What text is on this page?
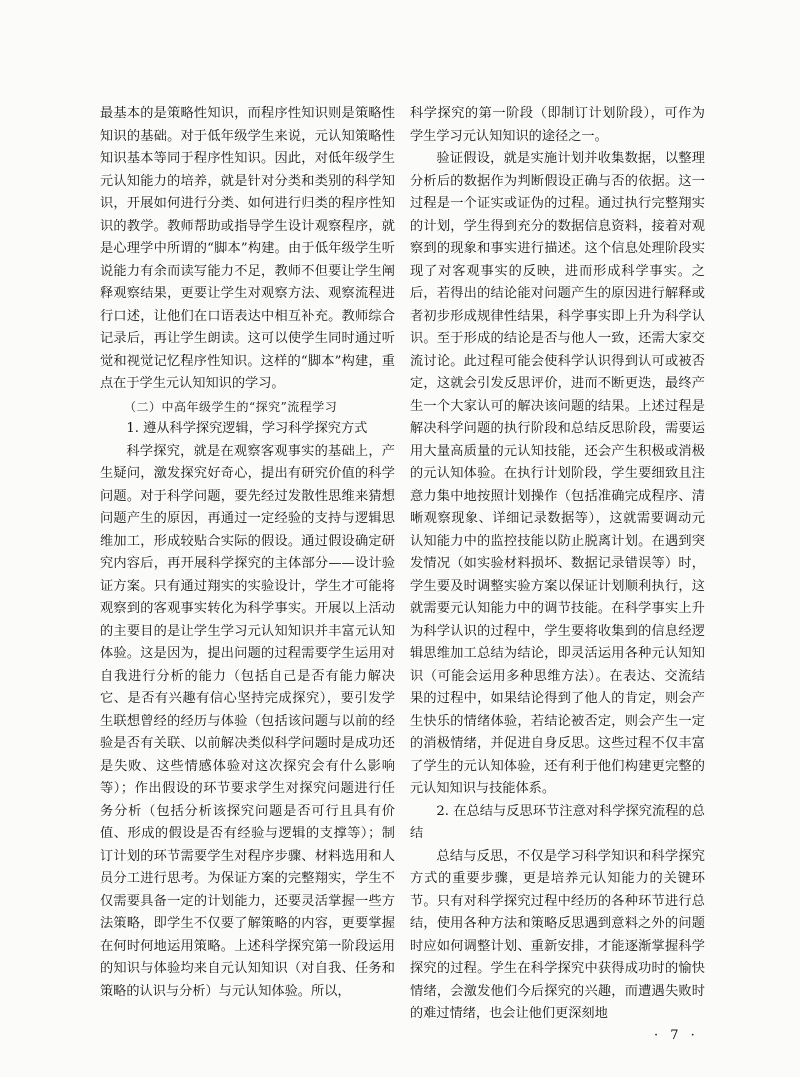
最基本的是策略性知识，而程序性知识则是策略性知识的基础。对于低年级学生来说，元认知策略性知识基本等同于程序性知识。因此，对低年级学生元认知能力的培养，就是针对分类和类别的科学知识，开展如何进行分类、如何进行归类的程序性知识的教学。教师帮助或指导学生设计观察程序，就是心理学中所谓的“脚本”构建。由于低年级学生听说能力有余而读写能力不足，教师不但要让学生阐释观察结果，更要让学生对观察方法、观察流程进行口述，让他们在口语表达中相互补充。教师综合记录后，再让学生朗读。这可以使学生同时通过听觉和视觉记忆程序性知识。这样的“脚本”构建，重点在于学生元认知知识的学习。

（二）中高年级学生的“探究”流程学习

1. 遵从科学探究逻辑，学习科学探究方式

科学探究，就是在观察客观事实的基础上，产生疑问，激发探究好奇心，提出有研究价值的科学问题。对于科学问题，要先经过发散性思维来猜想问题产生的原因，再通过一定经验的支持与逻辑思维加工，形成较贴合实际的假设。通过假设确定研究内容后，再开展科学探究的主体部分——设计验证方案。只有通过翔实的实验设计，学生才可能将观察到的客观事实转化为科学事实。开展以上活动的主要目的是让学生学习元认知知识并丰富元认知体验。这是因为，提出问题的过程需要学生运用对自我进行分析的能力（包括自己是否有能力解决它、是否有兴趣有信心坚持完成探究），要引发学生联想曾经的经历与体验（包括该问题与以前的经验是否有关联、以前解决类似科学问题时是成功还是失败、这些情感体验对这次探究会有什么影响等）；作出假设的环节要求学生对探究问题进行任务分析（包括分析该探究问题是否可行且具有价值、形成的假设是否有经验与逻辑的支撑等）；制订计划的环节需要学生对程序步骤、材料选用和人员分工进行思考。为保证方案的完整翔实，学生不仅需要具备一定的计划能力，还要灵活掌握一些方法策略，即学生不仅要了解策略的内容，更要掌握在何时何地运用策略。上述科学探究第一阶段运用的知识与体验均来自元认知知识（对自我、任务和策略的认识与分析）与元认知体验。所以，

科学探究的第一阶段（即制订计划阶段），可作为学生学习元认知知识的途径之一。

验证假设，就是实施计划并收集数据，以整理分析后的数据作为判断假设正确与否的依据。这一过程是一个证实或证伪的过程。通过执行完整翔实的计划，学生得到充分的数据信息资料，接着对观察到的现象和事实进行描述。这个信息处理阶段实现了对客观事实的反映，进而形成科学事实。之后，若得出的结论能对问题产生的原因进行解释或者初步形成规律性结果，科学事实即上升为科学认识。至于形成的结论是否与他人一致，还需大家交流讨论。此过程可能会使科学认识得到认可或被否定，这就会引发反思评价，进而不断更迭，最终产生一个大家认可的解决该问题的结果。上述过程是解决科学问题的执行阶段和总结反思阶段，需要运用大量高质量的元认知技能，还会产生积极或消极的元认知体验。在执行计划阶段，学生要细致且注意力集中地按照计划操作（包括准确完成程序、清晰观察现象、详细记录数据等），这就需要调动元认知能力中的监控技能以防止脱离计划。在遇到突发情况（如实验材料损坏、数据记录错误等）时，学生要及时调整实验方案以保证计划顺利执行，这就需要元认知能力中的调节技能。在科学事实上升为科学认识的过程中，学生要将收集到的信息经逻辑思维加工总结为结论，即灵活运用各种元认知知识（可能会运用多种思维方法）。在表达、交流结果的过程中，如果结论得到了他人的肯定，则会产生快乐的情绪体验，若结论被否定，则会产生一定的消极情绪，并促进自身反思。这些过程不仅丰富了学生的元认知体验，还有利于他们构建更完整的元认知知识与技能体系。

2. 在总结与反思环节注意对科学探究流程的总结

总结与反思，不仅是学习科学知识和科学探究方式的重要步骤，更是培养元认知能力的关键环节。只有对科学探究过程中经历的各种环节进行总结，使用各种方法和策略反思遇到意料之外的问题时应如何调整计划、重新安排，才能逐渐掌握科学探究的过程。学生在科学探究中获得成功时的愉快情绪，会激发他们今后探究的兴趣，而遭遇失败时的难过情绪，也会让他们更深刻地

· 7 ·
